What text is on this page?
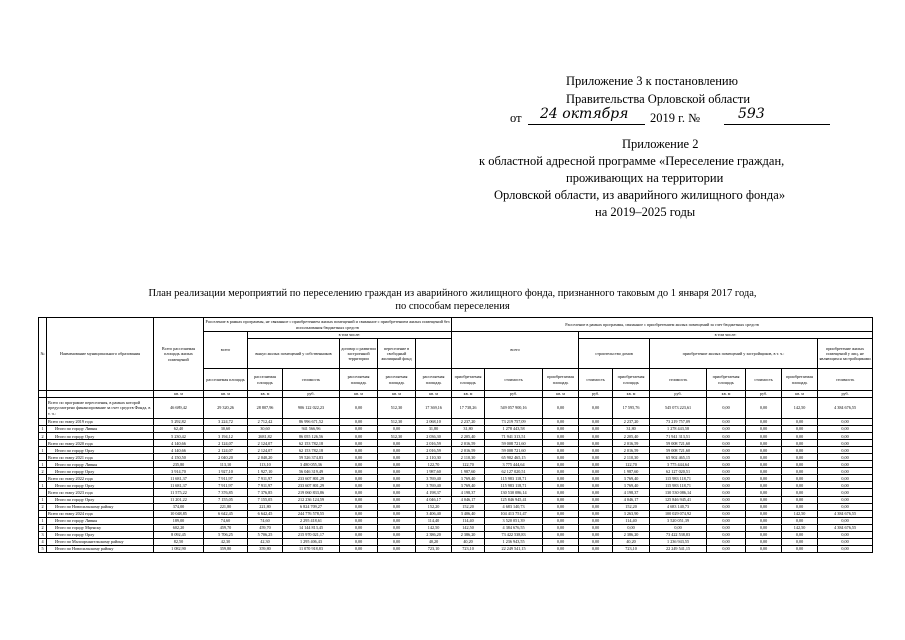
Приложение 3 к постановлению
Правительства Орловской области
от 24 октября 2019 г. №	593
Приложение 2
к областной адресной программе «Переселение граждан,
проживающих на территории
Орловской области, из аварийного жилищного фонда»
на 2019–2025 годы
План реализации мероприятий по переселению граждан из аварийного жилищного фонда, признанного таковым до 1 января 2017 года,
по способам переселения
№	Наименование муниципального образования	Всего расселяемая площадь жилых помещений	Расселение в рамках программы, не связанное с приобретением жилых помещений и связанное с приобретением жилых помещений без использования бюджетных средств						Расселение в рамках программы, связанное с приобретением жилых помещений за счет бюджетных средств									
			всего	в том числе:					всего			в том числе:						
				выкуп жилых помещений у собственников		договор о развитии застроенной территории	переселение в свободный жилищный фонд					строительство домов		приобретение жилых помещений у застройщиков, в т. ч.:				приобретение жилых помещений у лиц, не являющихся застройщиками
			расселяемая площадь	расселяемая площадь	стоимость	расселяемая площадь	расселяемая площадь	расселяемая площадь	приобретаемая площадь	стоимость	приобретаемая площадь	стоимость	приобретаемая площадь	стоимость	приобретаемая площадь	стоимость	приобретаемая площадь	стоимость
		кв. м	кв. м	кв. м	руб.	кв. м	кв. м	кв. м	кв. м	руб.	кв. м	руб.	кв. м	руб.	кв. м	руб.	кв. м	руб.
	Всего по программе переселения, в рамках которой предусмотрено финансирование за счет средств Фонда, в т. ч.:	46 689,42	29 320,26	28 807,96	906 122 022,23	0,00	512,30	17 369,16	17 738,26	549 057 900,16	0,00	0,00	17 595,76	545 073 223,61	0,00	0,00	142,50	4 384 676,55
	Всего по этапу 2019 года	5 292,82	3 224,72	2 712,42	86 996 671,52	0,00	512,30	2 068,10	2 237,20	73 219 757,09	0,00	0,00	2 237,20	73 219 757,09	0,00	0,00	0,00	0,00
1	Итого по городу Ливны	62,40	30,60	30,60	941 566,96	0,00	0,00	31,80	31,80	1 278 443,58	0,00	0,00	31,80	1 278 443,58	0,00	0,00	0,00	0,00
2	Итого по городу Орлу	5 230,42	3 194,12	2681,82	86 055 126,56	0,00	512,30	2 036,30	2 205,40	71 941 313,51	0,00	0,00	2 205,40	71 941 313,51	0,00	0,00	0,00	0,00
	Всего по этапу 2020 года	4 140,66	2 124,07	2 124,07	62 153 782,18	0,00	0,00	2 016,59	2 016,59	59 008 721,60	0,00	0,00	2 016,59	59 008 721,60	0,00	0,00	0,00	0,00
1	Итого по городу Орлу	4 140,66	2 124,07	2 124,07	62 153 782,18	0,00	0,00	2 016,59	2 016,59	59 008 721,60	0,00	0,00	2 016,59	59 008 721,60	0,00	0,00	0,00	0,00
	Всего по этапу 2021 года	4 150,50	2 040,20	2 040,20	59 526 374,83	0,00	0,00	2 110,30	2 110,30	65 902 465,15	0,00	0,00	2 110,30	65 902 465,15	0,00	0,00	0,00	0,00
1	Итого по городу Ливны	235,80	113,10	113,10	3 480 055,36	0,00	0,00	122,70	122,70	3 775 444,64	0,00	0,00	122,70	3 775 444,64	0,00	0,00	0,00	0,00
2	Итого по городу Орлу	3 914,70	1 927,10	1 927,10	56 046 319,49	0,00	0,00	1 987,60	1 987,60	62 127 020,51	0,00	0,00	1 987,60	62 127 020,51	0,00	0,00	0,00	0,00
	Всего по этапу 2022 года	11 681,37	7 911,97	7 911,97	233 607 801,29	0,00	0,00	3 769,40	3 769,40	115 983 118,71	0,00	0,00	3 769,40	115 983 118,71	0,00	0,00	0,00	0,00
1	Итого по городу Орлу	11 681,37	7 911,97	7 911,97	233 607 801,29	0,00	0,00	3 769,40	3 769,40	115 983 118,71	0,00	0,00	3 769,40	115 983 118,71	0,00	0,00	0,00	0,00
	Всего по этапу 2023 года	11 575,22	7 376,85	7 376,85	219 060 833,86	0,00	0,00	4 198,37	4 198,37	130 530 086,14	0,00	0,00	4 198,37	130 530 086,14	0,00	0,00	0,00	0,00
1	Итого по городу Орлу	11 201,22	7 155,05	7 155,05	212 236 124,59	0,00	0,00	4 046,17	4 046,17	125 846 945,41	0,00	0,00	4 046,17	125 846 945,41	0,00	0,00	0,00	0,00
2	Итого по Новосильскому району	374,00	221,80	221,80	6 824 709,27	0,00	0,00	152,20	152,20	4 683 140,73	0,00	0,00	152,20	4 683 140,73	0,00	0,00	0,00	0,00
	Всего по этапу 2024 года	10 048,85	6 642,45	6 642,45	244 776 578,55	0,00	0,00	3 406,40	3 406,40	104 413 751,47	0,00	0,00	3 263,90	100 029 074,92	0,00	0,00	142,50	4 384 676,55
1	Итого по городу Ливны	189,00	74,60	74,60	2 295 418,61	0,00	0,00	114,40	114,40	3 520 051,39	0,00	0,00	114,40	3 520 051,39	0,00	0,00	0,00	0,00
2	Итого по городу Мценску	602,20	459,70	459,70	14 144 813,45	0,00	0,00	142,50	142,50	4 384 676,55	0,00	0,00	0,00	0,00	0,00	0,00	142,50	4 384 676,55
3	Итого по городу Орлу	8 092,45	5 706,25	5 706,25	215 970 021,17	0,00	0,00	2 386,20	2 386,20	73 422 538,83	0,00	0,00	2 386,20	73 422 538,83	0,00	0,00	0,00	0,00
4	Итого по Малоархангельскому району	82,50	42,30	42,30	1 295 406,43	0,00	0,00	40,20	40,20	1 236 943,55	0,00	0,00	40,20	1 236 943,55	0,00	0,00	0,00	0,00
5	Итого по Новосильскому району	1 082,90	359,80	359,80	11 070 918,83	0,00	0,00	723,10	723,10	22 249 541,15	0,00	0,00	723,10	22 249 541,15	0,00	0,00	0,00	0,00
